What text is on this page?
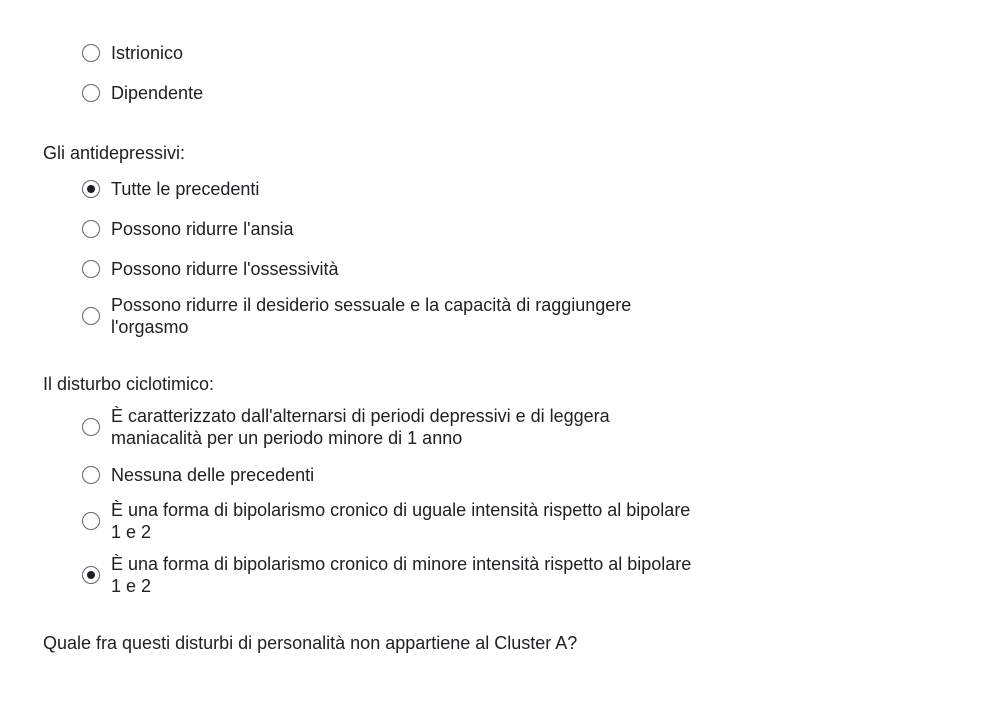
Istrionico
Dipendente
Gli antidepressivi:
Tutte le precedenti
Possono ridurre l'ansia
Possono ridurre l'ossessività
Possono ridurre il desiderio sessuale e la capacità di raggiungere
l'orgasmo
Il disturbo ciclotimico:
È caratterizzato dall'alternarsi di periodi depressivi e di leggera
maniacalità per un periodo minore di 1 anno
Nessuna delle precedenti
È una forma di bipolarismo cronico di uguale intensità rispetto al bipolare
1 e 2
È una forma di bipolarismo cronico di minore intensità rispetto al bipolare
1 e 2
Quale fra questi disturbi di personalità non appartiene al Cluster A?
